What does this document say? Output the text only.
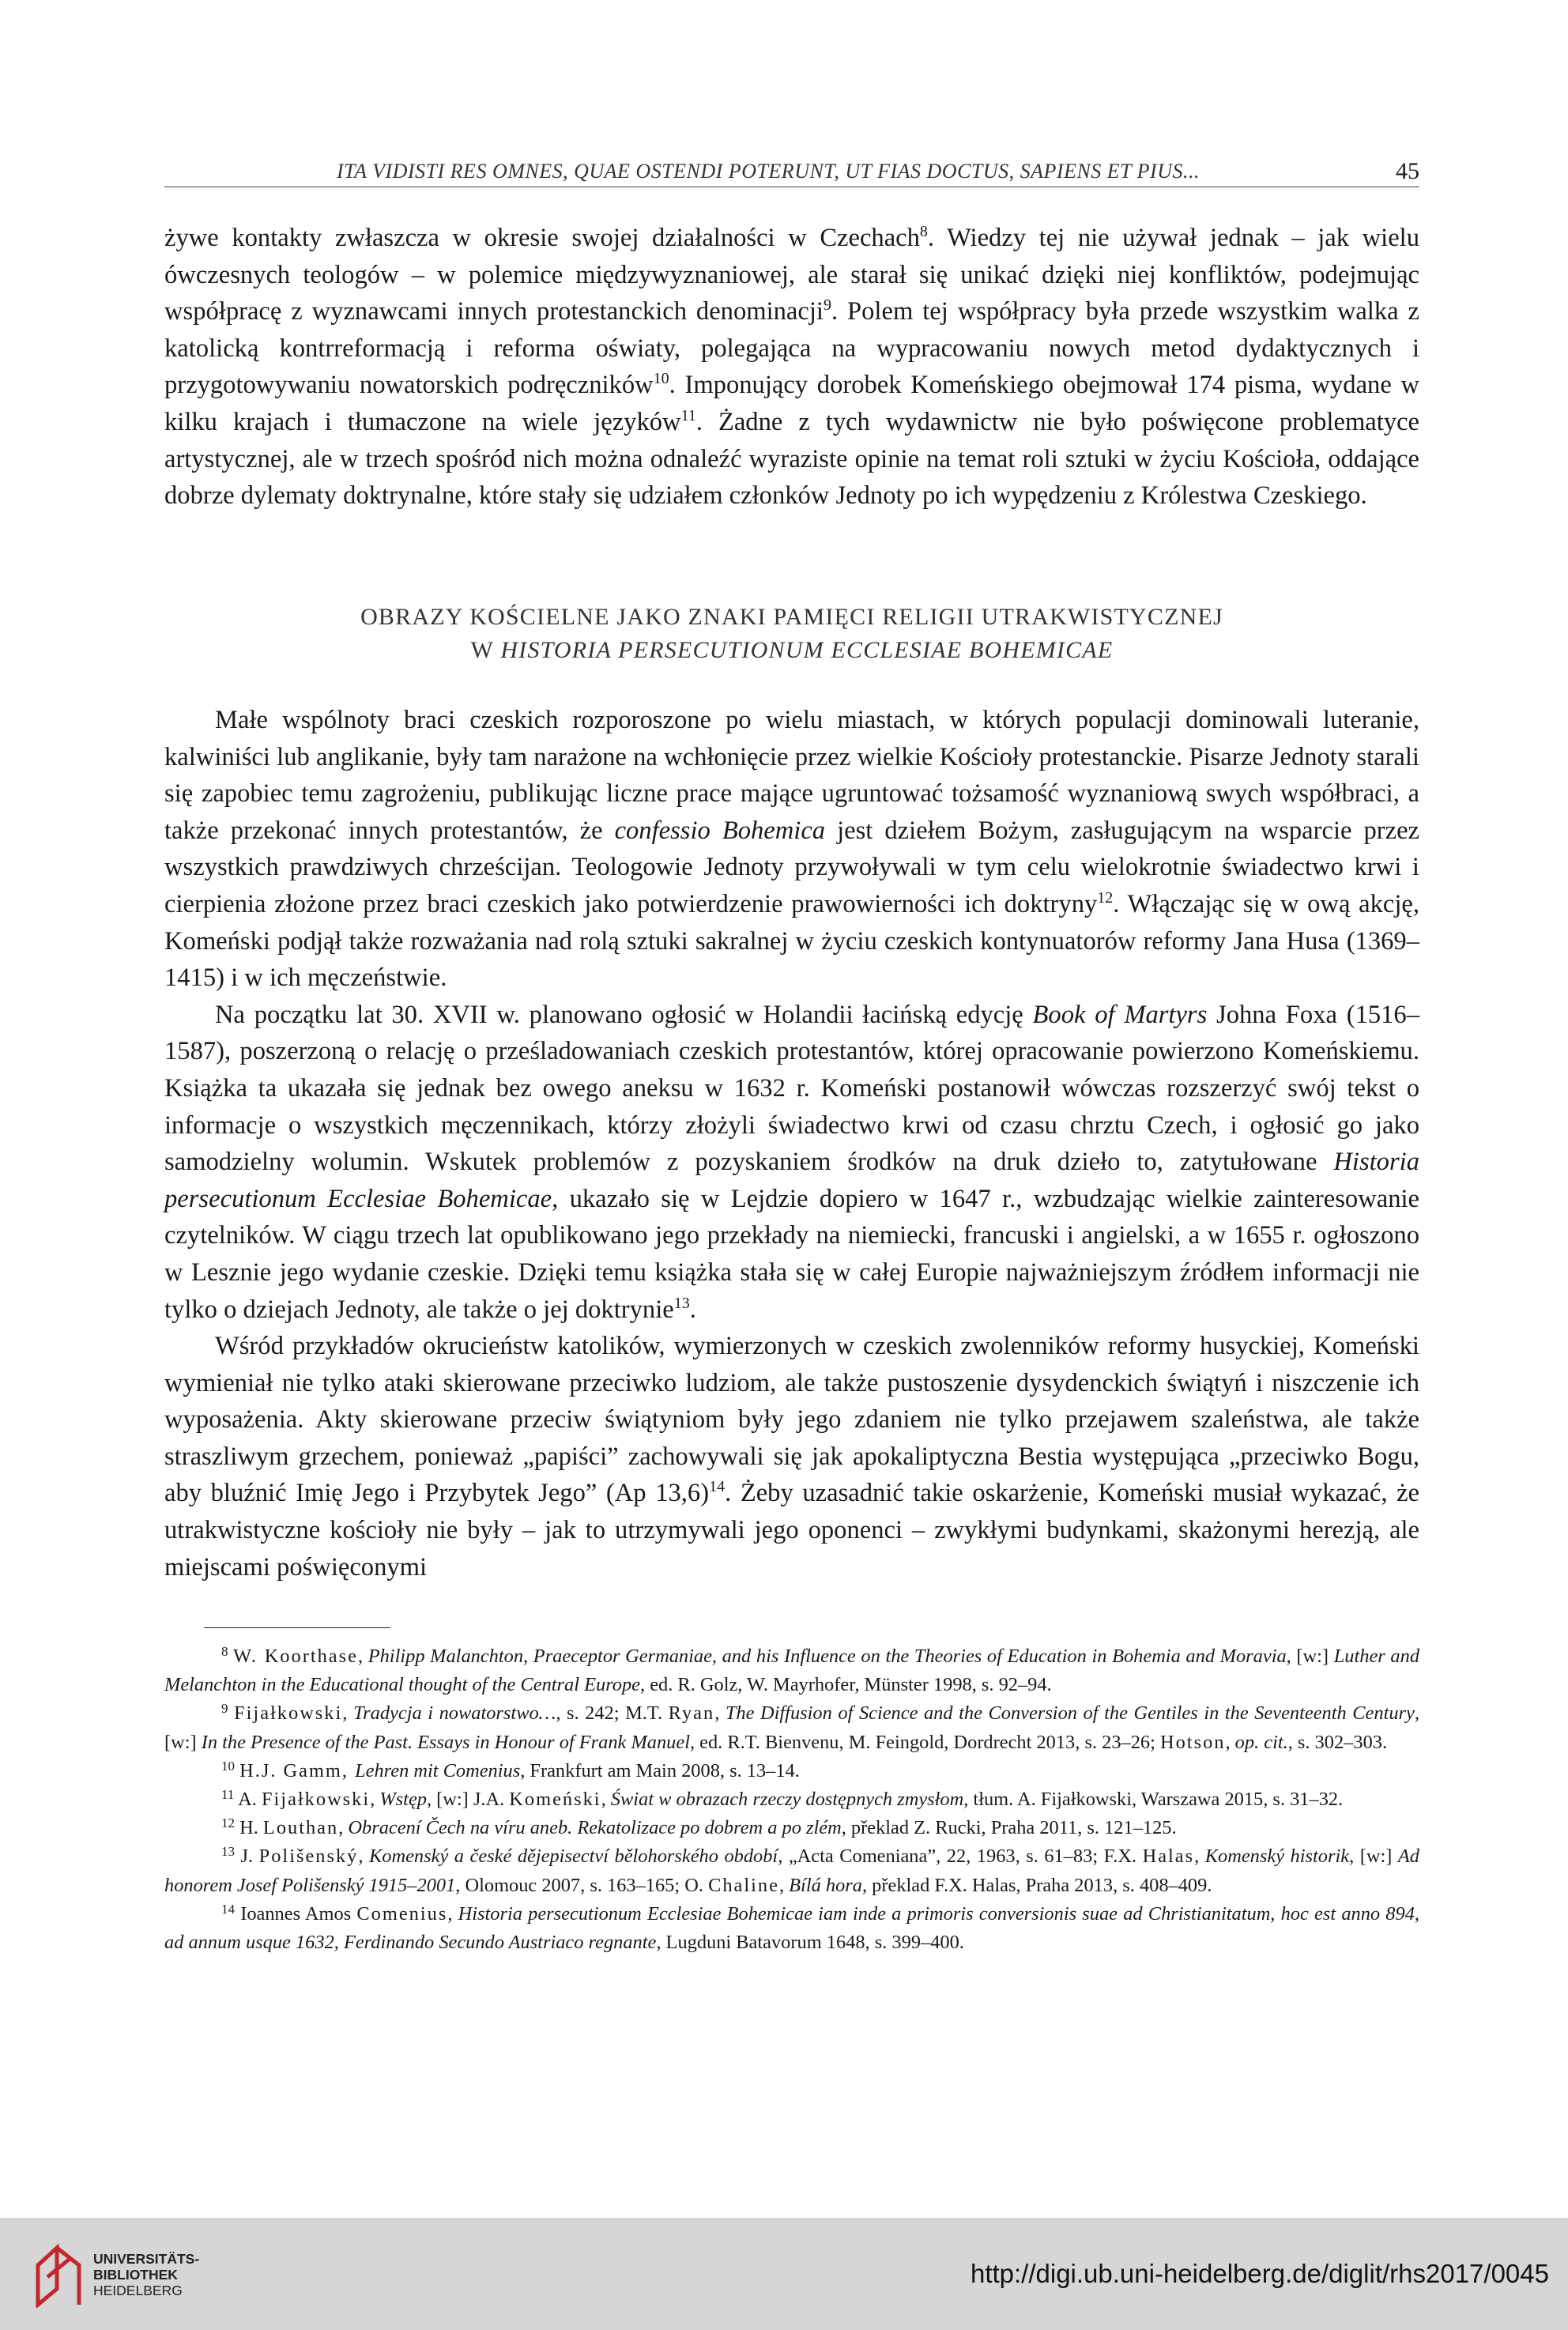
ITA VIDISTI RES OMNES, QUAE OSTENDI POTERUNT, UT FIAS DOCTUS, SAPIENS ET PIUS...	45

żywe kontakty zwłaszcza w okresie swojej działalności w Czechach$^8$. Wiedzy tej nie używał jednak – jak wielu ówczesnych teologów – w polemice międzywyznaniowej, ale starał się unikać dzięki niej konfliktów, podejmując współpracę z wyznawcami innych protestanckich denominacji$^9$. Polem tej współpracy była przede wszystkim walka z katolicką kontrreformacją i reforma oświaty, polegająca na wypracowaniu nowych metod dydaktycznych i przygotowywaniu nowatorskich podręczników$^{10}$. Imponujący dorobek Komeńskiego obejmował 174 pisma, wydane w kilku krajach i tłumaczone na wiele języków$^{11}$. Żadne z tych wydawnictw nie było poświęcone problematyce artystycznej, ale w trzech spośród nich można odnaleźć wyraziste opinie na temat roli sztuki w życiu Kościoła, oddające dobrze dylematy doktrynalne, które stały się udziałem członków Jednoty po ich wypędzeniu z Królestwa Czeskiego.

OBRAZY KOŚCIELNE JAKO ZNAKI PAMIĘCI RELIGII UTRAKWISTYCZNEJ
W HISTORIA PERSECUTIONUM ECCLESIAE BOHEMICAE

Małe wspólnoty braci czeskich rozporoszone po wielu miastach, w których populacji dominowali luteranie, kalwiniści lub anglikanie, były tam narażone na wchłonięcie przez wielkie Kościoły protestanckie. Pisarze Jednoty starali się zapobiec temu zagrożeniu, publikując liczne prace mające ugruntować tożsamość wyznaniową swych współbraci, a także przekonać innych protestantów, że confessio Bohemica jest dziełem Bożym, zasługującym na wsparcie przez wszystkich prawdziwych chrześcijan. Teologowie Jednoty przywoływali w tym celu wielokrotnie świadectwo krwi i cierpienia złożone przez braci czeskich jako potwierdzenie prawowierności ich doktryny$^{12}$. Włączając się w ową akcję, Komeński podjął także rozważania nad rolą sztuki sakralnej w życiu czeskich kontynuatorów reformy Jana Husa (1369–1415) i w ich męczeństwie.

Na początku lat 30. XVII w. planowano ogłosić w Holandii łacińską edycję Book of Martyrs Johna Foxa (1516–1587), poszerzoną o relację o prześladowaniach czeskich protestantów, której opracowanie powierzono Komeńskiemu. Książka ta ukazała się jednak bez owego aneksu w 1632 r. Komeński postanowił wówczas rozszerzyć swój tekst o informacje o wszystkich męczennikach, którzy złożyli świadectwo krwi od czasu chrztu Czech, i ogłosić go jako samodzielny wolumin. Wskutek problemów z pozyskaniem środków na druk dzieło to, zatytułowane Historia persecutionum Ecclesiae Bohemicae, ukazało się w Lejdzie dopiero w 1647 r., wzbudzając wielkie zainteresowanie czytelników. W ciągu trzech lat opublikowano jego przekłady na niemiecki, francuski i angielski, a w 1655 r. ogłoszono w Lesznie jego wydanie czeskie. Dzięki temu książka stała się w całej Europie najważniejszym źródłem informacji nie tylko o dziejach Jednoty, ale także o jej doktrynie$^{13}$.

Wśród przykładów okrucieństw katolików, wymierzonych w czeskich zwolenników reformy husyckiej, Komeński wymieniał nie tylko ataki skierowane przeciwko ludziom, ale także pustoszenie dysydenckich świątyń i niszczenie ich wyposażenia. Akty skierowane przeciw świątyniom były jego zdaniem nie tylko przejawem szaleństwa, ale także straszliwym grzechem, ponieważ „papiści” zachowywali się jak apokaliptyczna Bestia występująca „przeciwko Bogu, aby bluźnić Imię Jego i Przybytek Jego” (Ap 13,6)$^{14}$. Żeby uzasadnić takie oskarżenie, Komeński musiał wykazać, że utrakwistyczne kościoły nie były – jak to utrzymywali jego oponenci – zwykłymi budynkami, skażonymi herezją, ale miejscami poświęconymi

$^8$ W. Koorthase, Philipp Malanchton, Praeceptor Germaniae, and his Influence on the Theories of Education in Bohemia and Moravia, [w:] Luther and Melanchton in the Educational thought of the Central Europe, ed. R. Golz, W. Mayrhofer, Münster 1998, s. 92–94.

$^9$ Fijałkowski, Tradycja i nowatorstwo…, s. 242; M.T. Ryan, The Diffusion of Science and the Conversion of the Gentiles in the Seventeenth Century, [w:] In the Presence of the Past. Essays in Honour of Frank Manuel, ed. R.T. Bienvenu, M. Feingold, Dordrecht 2013, s. 23–26; Hotson, op. cit., s. 302–303.

$^{10}$ H.J. Gamm, Lehren mit Comenius, Frankfurt am Main 2008, s. 13–14.

$^{11}$ A. Fijałkowski, Wstęp, [w:] J.A. Komeński, Świat w obrazach rzeczy dostępnych zmysłom, tłum. A. Fijałkowski, Warszawa 2015, s. 31–32.

$^{12}$ H. Louthan, Obracení Čech na víru aneb. Rekatolizace po dobrem a po zlém, překlad Z. Rucki, Praha 2011, s. 121–125.

$^{13}$ J. Polišenský, Komenský a české dějepisectví bělohorského období, „Acta Comeniana”, 22, 1963, s. 61–83; F.X. Halas, Komenský historik, [w:] Ad honorem Josef Polišenský 1915–2001, Olomouc 2007, s. 163–165; O. Chaline, Bílá hora, překlad F.X. Halas, Praha 2013, s. 408–409.

$^{14}$ Ioannes Amos Comenius, Historia persecutionum Ecclesiae Bohemicae iam inde a primoris conversionis suae ad Christianitatum, hoc est anno 894, ad annum usque 1632, Ferdinando Secundo Austriaco regnante, Lugduni Batavorum 1648, s. 399–400.

UNIVERSITÄTS-
BIBLIOTHEK
HEIDELBERG
http://digi.ub.uni-heidelberg.de/diglit/rhs2017/0045
